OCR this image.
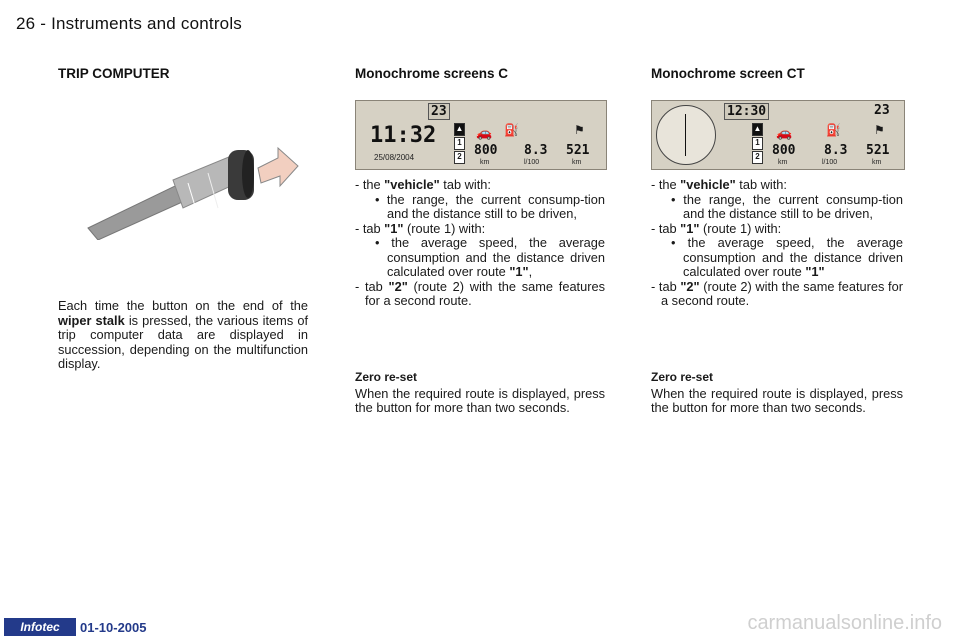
26 - Instruments and controls
TRIP COMPUTER	Monochrome screens C	Monochrome screen CT
Each time the button on the end of the wiper stalk is pressed, the various items of trip computer data are displayed in succession, depending on the multifunction display.
23
11:32
25/08/2004
▲
1
2
🚗 ⛽	⚑
800 8.3 521
km	l/100	km
12:30	23
▲
1
2
🚗	⛽	⚑
800 8.3 521
km	l/100	km
- the "vehicle" tab with:
• the range, the current consump-tion and the distance still to be driven,
- tab "1" (route 1) with:
• the average speed, the average consumption and the distance driven calculated over route "1",
- tab "2" (route 2) with the same features for a second route.
- the "vehicle" tab with:
• the range, the current consump-tion and the distance still to be driven,
- tab "1" (route 1) with:
• the average speed, the average consumption and the distance driven calculated over route "1"
- tab "2" (route 2) with the same features for a second route.
Zero re-set
When the required route is displayed, press the button for more than two seconds.
Zero re-set
When the required route is displayed, press the button for more than two seconds.
Infotec	01-10-2005	carmanualsonline.info
